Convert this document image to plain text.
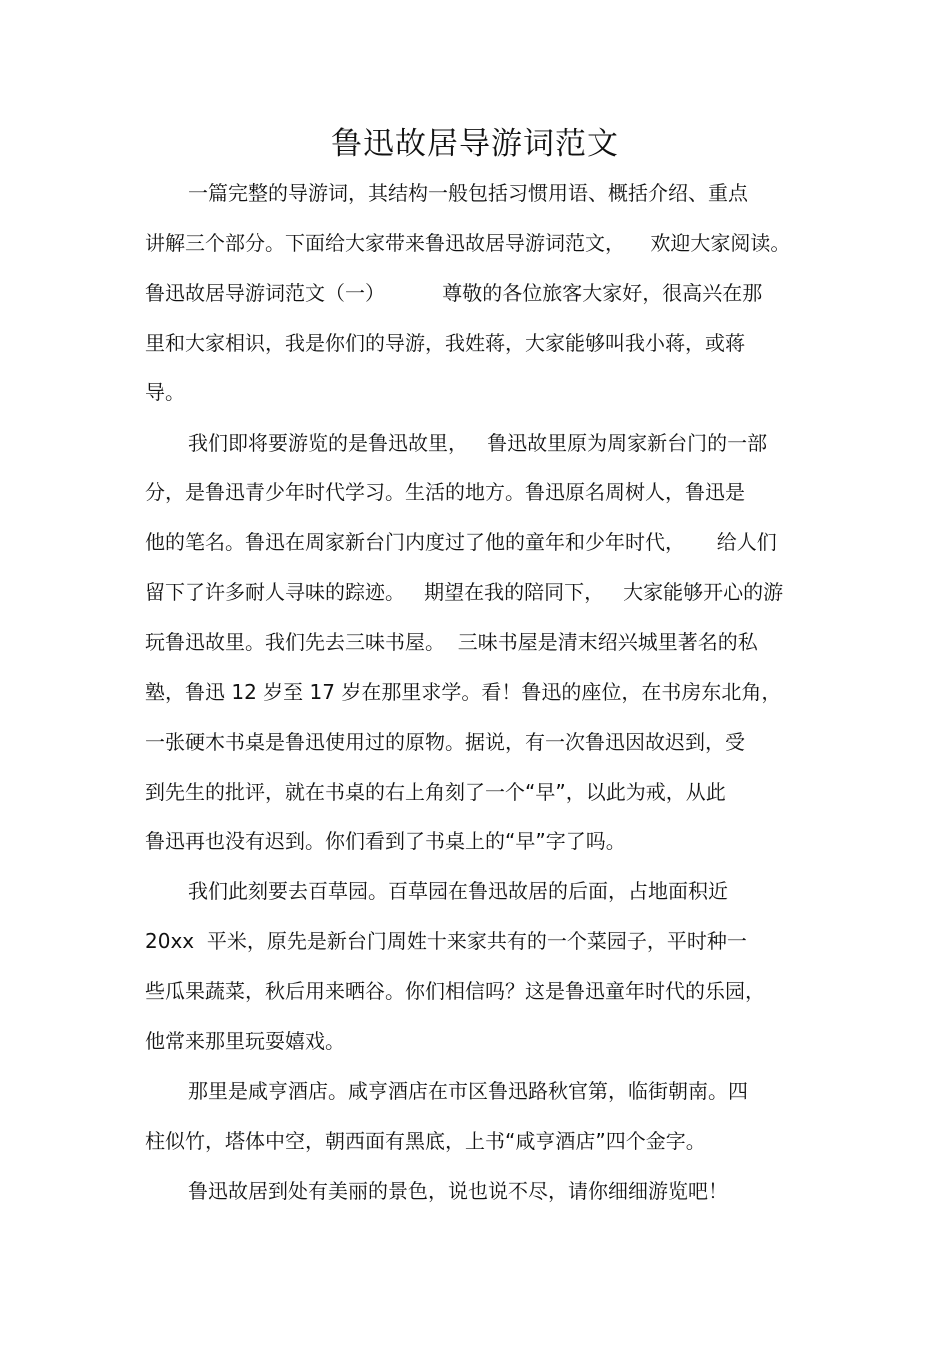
鲁迅故居导游词范文
一篇完整的导游词，其结构一般包括习惯用语、概括介绍、重点
讲解三个部分。下面给大家带来鲁迅故居导游词范文，    欢迎大家阅读。
鲁迅故居导游词范文（一）         尊敬的各位旅客大家好，很高兴在那
里和大家相识，我是你们的导游，我姓蒋，大家能够叫我小蒋，或蒋
导。
我们即将要游览的是鲁迅故里，   鲁迅故里原为周家新台门的一部
分，是鲁迅青少年时代学习。生活的地方。鲁迅原名周树人，鲁迅是
他的笔名。鲁迅在周家新台门内度过了他的童年和少年时代，     给人们
留下了许多耐人寻味的踪迹。   期望在我的陪同下，   大家能够开心的游
玩鲁迅故里。我们先去三味书屋。  三味书屋是清末绍兴城里著名的私
塾，鲁迅 12 岁至 17 岁在那里求学。看！鲁迅的座位，在书房东北角，
一张硬木书桌是鲁迅使用过的原物。据说，有一次鲁迅因故迟到，受
到先生的批评，就在书桌的右上角刻了一个“早”，以此为戒，从此
鲁迅再也没有迟到。你们看到了书桌上的“早”字了吗。
我们此刻要去百草园。百草园在鲁迅故居的后面，占地面积近
20xx  平米，原先是新台门周姓十来家共有的一个菜园子，平时种一
些瓜果蔬菜，秋后用来晒谷。你们相信吗？这是鲁迅童年时代的乐园，
他常来那里玩耍嬉戏。
那里是咸亨酒店。咸亨酒店在市区鲁迅路秋官第，临街朝南。四
柱似竹，塔体中空，朝西面有黑底，上书“咸亨酒店”四个金字。
鲁迅故居到处有美丽的景色，说也说不尽，请你细细游览吧！
